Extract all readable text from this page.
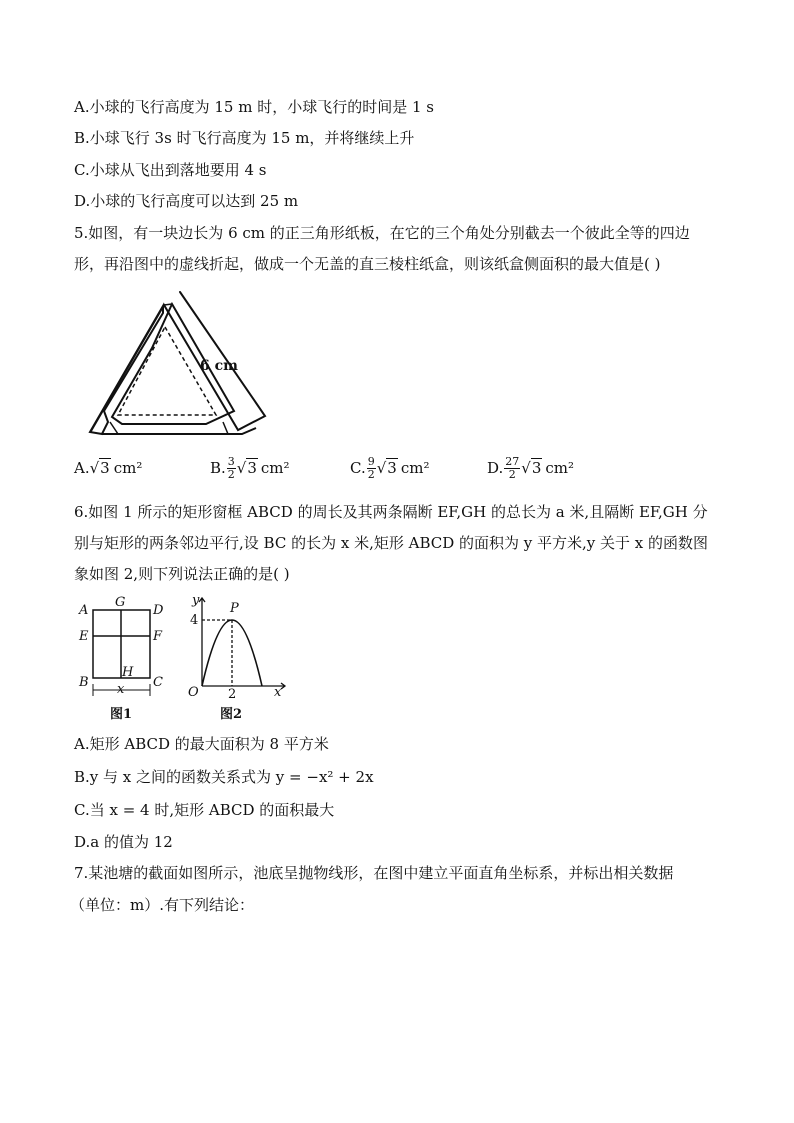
A.小球的飞行高度为 15 m 时，小球飞行的时间是 1 s
B.小球飞行 3s 时飞行高度为 15 m，并将继续上升
C.小球从飞出到落地要用 4 s
D.小球的飞行高度可以达到 25 m
5.如图，有一块边长为 6 cm 的正三角形纸板，在它的三个角处分别截去一个彼此全等的四边
形，再沿图中的虚线折起，做成一个无盖的直三棱柱纸盒，则该纸盒侧面积的最大值是( )
6 cm
A. √3 cm²	B. $\frac{3}{2} √3$ cm²	C. $\frac{9}{2} √3$ cm²	D. $\frac{27}{2} √3$ cm²
6.如图 1 所示的矩形窗框 ABCD 的周长及其两条隔断 EF,GH 的总长为 a 米,且隔断 EF,GH 分
别与矩形的两条邻边平行,设 BC 的长为 x 米,矩形 ABCD 的面积为 y 平方米,y 关于 x 的函数图
象如图 2,则下列说法正确的是( )
A
G
D
E	F
H
B	C
x
图1
y
P
4
O 2	x
图2
A.矩形 ABCD 的最大面积为 8 平方米
B.y 与 x 之间的函数关系式为 y = −x² + 2x
C.当 x = 4 时,矩形 ABCD 的面积最大
D.a 的值为 12
7.某池塘的截面如图所示，池底呈抛物线形，在图中建立平面直角坐标系，并标出相关数据
（单位：m）.有下列结论：
